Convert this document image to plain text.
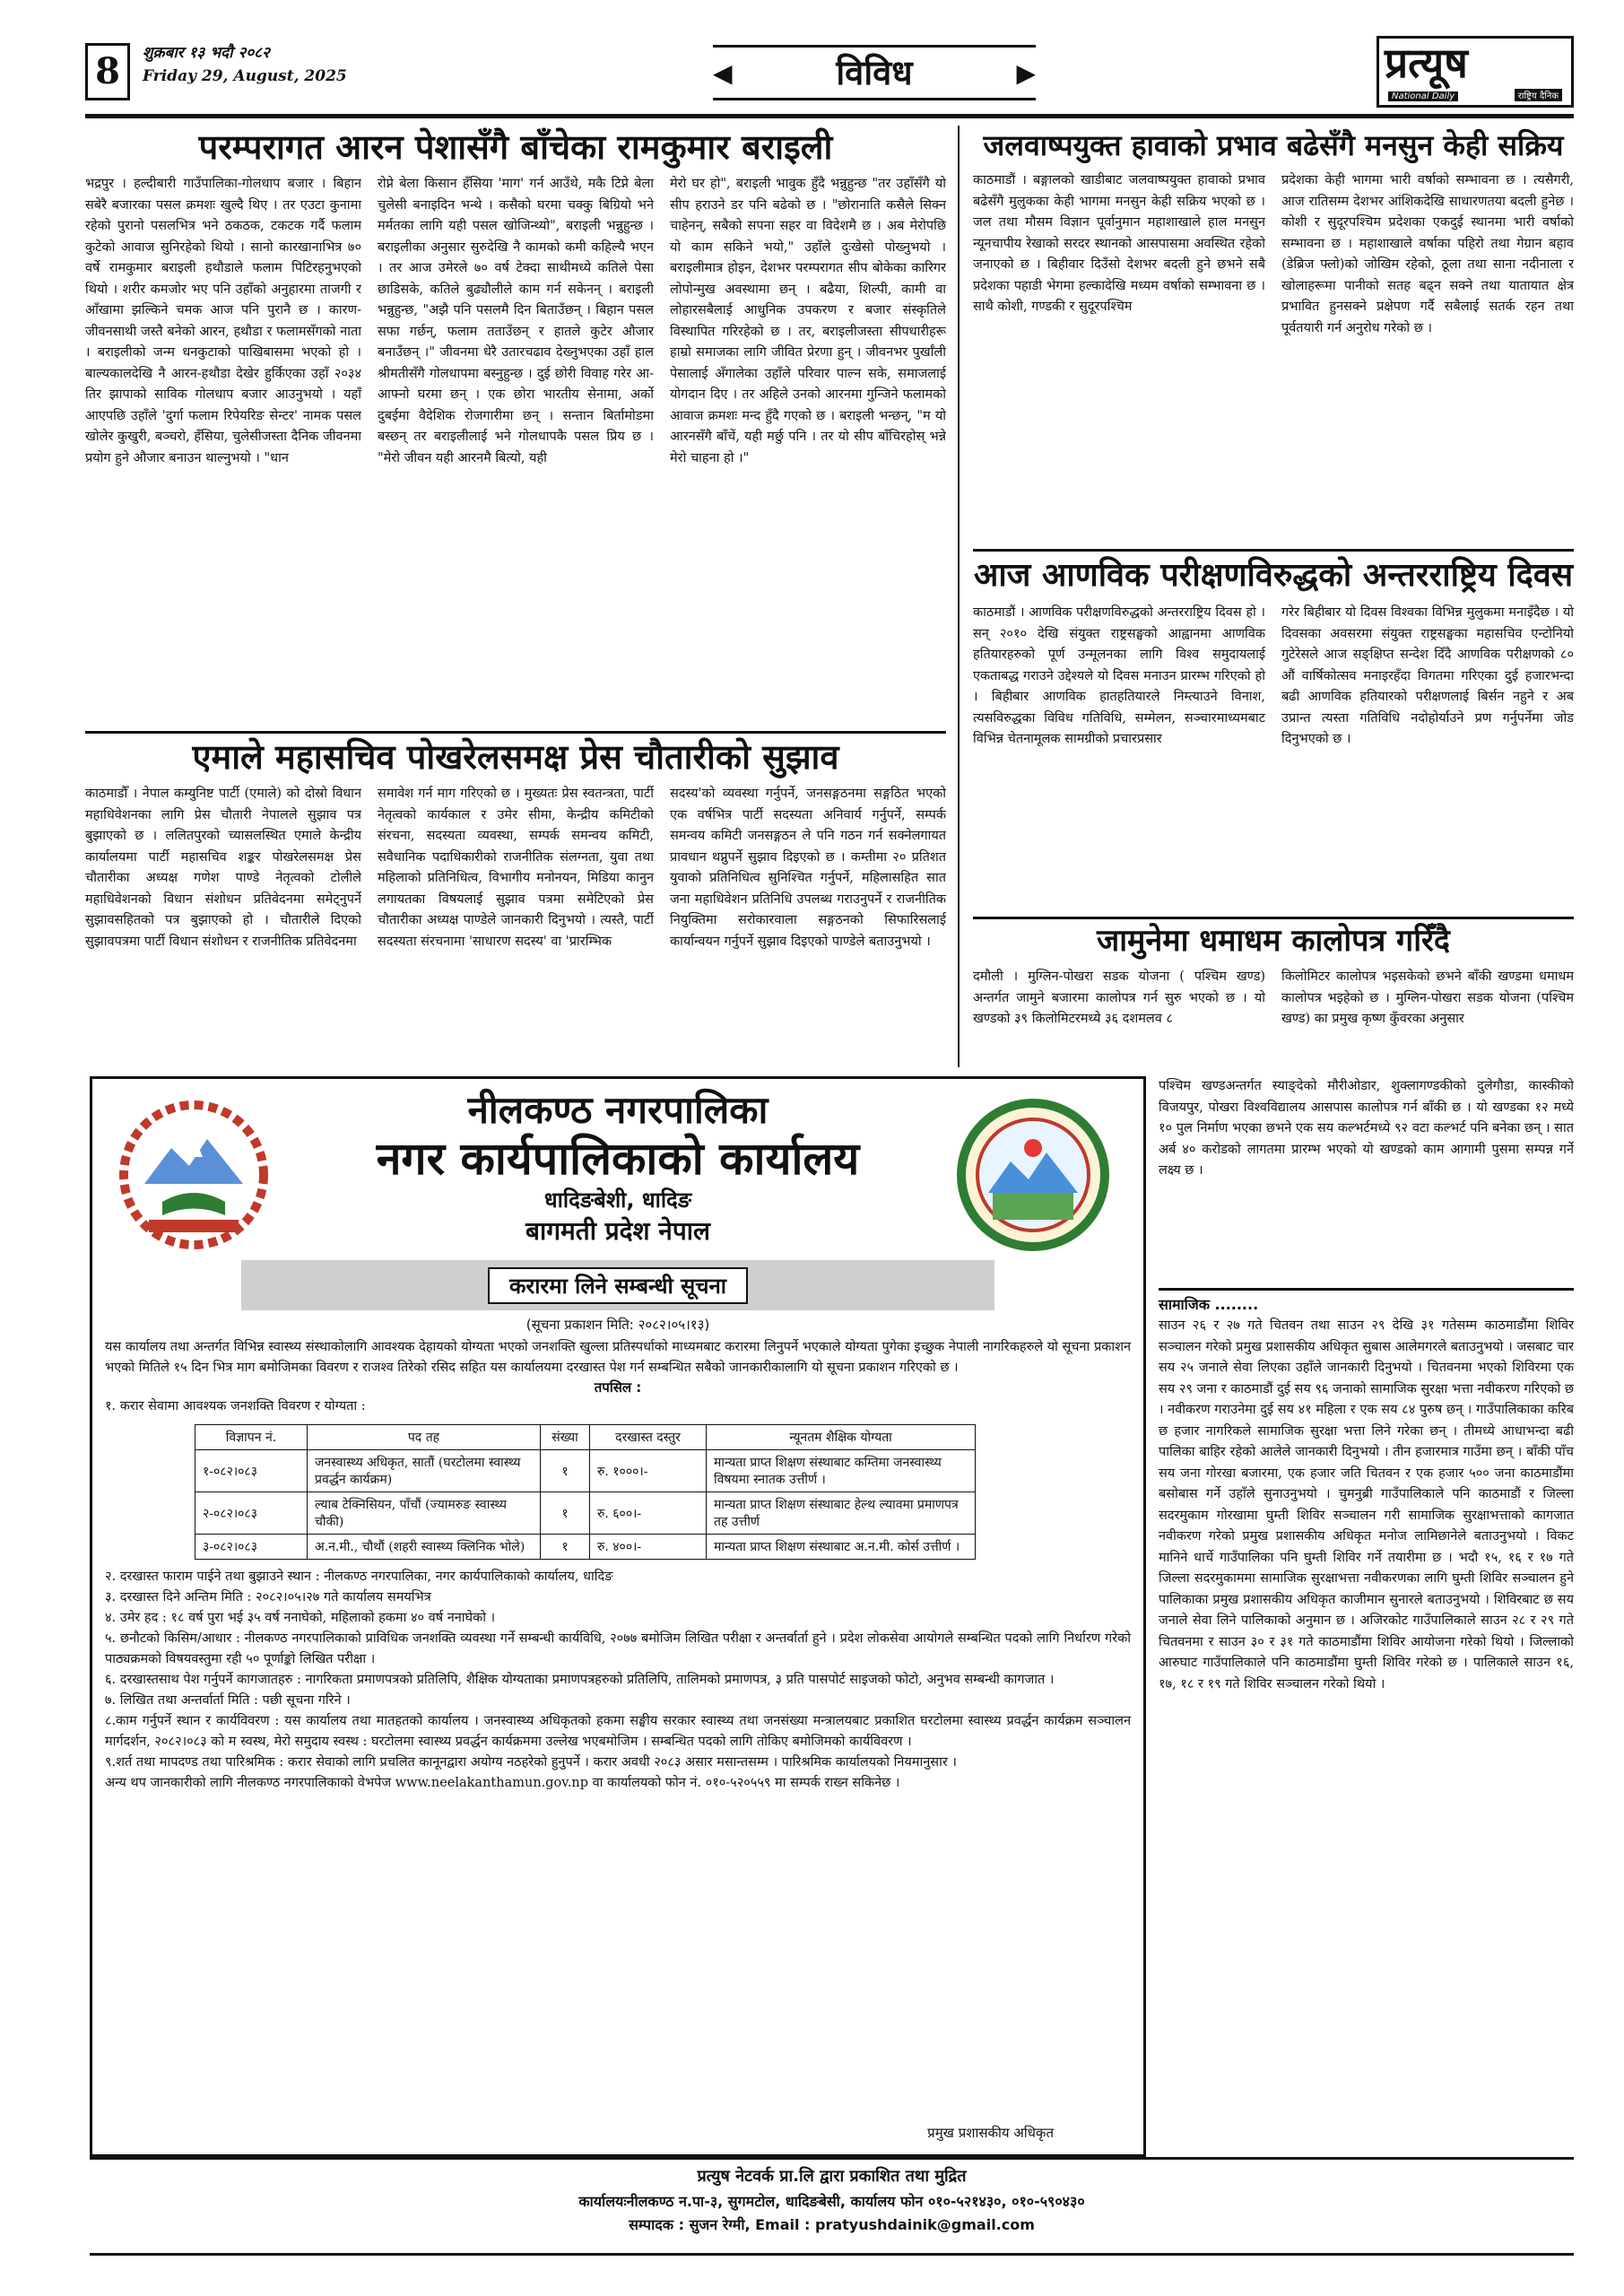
8	शुक्रबार १३ भदौ २०८२
Friday 29, August, 2025	◀	विविध	▶	प्रत्यूष
National Daily	राष्ट्रिय दैनिक
परम्परागत आरन पेशासँगै बाँचेका रामकुमार बराइली
भद्रपुर । हल्दीबारी गाउँपालिका-गोलधाप बजार । बिहान सबेरै बजारका पसल क्रमशः खुल्दै थिए । तर एउटा कुनामा रहेको पुरानो पसलभित्र भने ठकठक, टकटक गर्दै फलाम कुटेको आवाज सुनिरहेको थियो । सानो कारखानाभित्र ७० वर्षे रामकुमार बराइली हथौडाले फलाम पिटिरहनुभएको थियो । शरीर कमजोर भए पनि उहाँको अनुहारमा ताजगी र आँखामा झल्किने चमक आज पनि पुरानै छ । कारण- जीवनसाथी जस्तै बनेको आरन, हथौडा र फलामसँगको नाता । बराइलीको जन्म धनकुटाको पाखिबासमा भएको हो । बाल्यकालदेखि नै आरन-हथौडा देखेर हुर्किएका उहाँ २०३४ तिर झापाको साविक गोलधाप बजार आउनुभयो । यहाँ आएपछि उहाँले 'दुर्गा फलाम रिपेयरिङ सेन्टर' नामक पसल खोलेर कुखुरी, बञ्चरो, हँसिया, चुलेसीजस्ता दैनिक जीवनमा प्रयोग हुने औजार बनाउन थाल्नुभयो । "धान
रोप्ने बेला किसान हँसिया 'माग' गर्न आउँथे, मकै टिप्ने बेला चुलेसी बनाइदिन भन्थे । कसैको घरमा चक्कु बिग्रियो भने मर्मतका लागि यही पसल खोजिन्थ्यो", बराइली भन्नुहुन्छ । बराइलीका अनुसार सुरुदेखि नै कामको कमी कहिल्यै भएन । तर आज उमेरले ७० वर्ष टेक्दा साथीमध्ये कतिले पेसा छाडिसके, कतिले बुढ्यौलीले काम गर्न सकेनन् । बराइली भन्नुहुन्छ, "अझै पनि पसलमै दिन बिताउँछन् । बिहान पसल सफा गर्छन्, फलाम तताउँछन् र हातले कुटेर औजार बनाउँछन् ।" जीवनमा धेरै उतारचढाव देख्नुभएका उहाँ हाल श्रीमतीसँगै गोलधापमा बस्नुहुन्छ । दुई छोरी विवाह गरेर आ-आफ्नो घरमा छन् । एक छोरा भारतीय सेनामा, अर्को दुबईमा वैदेशिक रोजगारीमा छन् । सन्तान बिर्तामोडमा बस्छन् तर बराइलीलाई भने गोलधापकै पसल प्रिय छ । "मेरो जीवन यही आरनमै बित्यो, यही
मेरो घर हो", बराइली भावुक हुँदै भन्नुहुन्छ "तर उहाँसँगै यो सीप हराउने डर पनि बढेको छ । "छोरानाति कसैले सिक्न चाहेनन्, सबैको सपना सहर वा विदेशमै छ । अब मेरोपछि यो काम सकिने भयो," उहाँले दुःखेसो पोख्नुभयो । बराइलीमात्र होइन, देशभर परम्परागत सीप बोकेका कारिगर लोपोन्मुख अवस्थामा छन् । बढैया, शिल्पी, कामी वा लोहारसबैलाई आधुनिक उपकरण र बजार संस्कृतिले विस्थापित गरिरहेको छ । तर, बराइलीजस्ता सीपधारीहरू हाम्रो समाजका लागि जीवित प्रेरणा हुन् । जीवनभर पुर्खाँली पेसालाई अँगालेका उहाँले परिवार पाल्न सके, समाजलाई योगदान दिए । तर अहिले उनको आरनमा गुन्जिने फलामको आवाज क्रमशः मन्द हुँदै गएको छ । बराइली भन्छन्, "म यो आरनसँगै बाँचें, यही मर्छु पनि । तर यो सीप बाँचिरहोस् भन्ने मेरो चाहना हो ।"
एमाले महासचिव पोखरेलसमक्ष प्रेस चौतारीको सुझाव
काठमाडौँ । नेपाल कम्युनिष्ट पार्टी (एमाले) को दोस्रो विधान महाधिवेशनका लागि प्रेस चौतारी नेपालले सुझाव पत्र बुझाएको छ । ललितपुरको च्यासलस्थित एमाले केन्द्रीय कार्यालयमा पार्टी महासचिव शङ्कर पोखरेलसमक्ष प्रेस चौतारीका अध्यक्ष गणेश पाण्डे नेतृत्वको टोलीले महाधिवेशनको विधान संशोधन प्रतिवेदनमा समेट्नुपर्ने सुझावसहितको पत्र बुझाएको हो । चौतारीले दिएको सुझावपत्रमा पार्टी विधान संशोधन र राजनीतिक प्रतिवेदनमा
समावेश गर्न माग गरिएको छ । मुख्यतः प्रेस स्वतन्त्रता, पार्टी नेतृत्वको कार्यकाल र उमेर सीमा, केन्द्रीय कमिटीको संरचना, सदस्यता व्यवस्था, सम्पर्क समन्वय कमिटी, सवैधानिक पदाधिकारीको राजनीतिक संलग्नता, युवा तथा महिलाको प्रतिनिधित्व, विभागीय मनोनयन, मिडिया कानुन लगायतका विषयलाई सुझाव पत्रमा समेटिएको प्रेस चौतारीका अध्यक्ष पाण्डेले जानकारी दिनुभयो । त्यस्तै, पार्टी सदस्यता संरचनामा 'साधारण सदस्य' वा 'प्रारम्भिक
सदस्य'को व्यवस्था गर्नुपर्ने, जनसङ्गठनमा सङ्गठित भएको एक वर्षभित्र पार्टी सदस्यता अनिवार्य गर्नुपर्ने, सम्पर्क समन्वय कमिटी जनसङ्गठन ले पनि गठन गर्न सक्नेलगायत प्रावधान थप्नुपर्ने सुझाव दिइएको छ । कम्तीमा २० प्रतिशत युवाको प्रतिनिधित्व सुनिश्चित गर्नुपर्ने, महिलासहित सात जना महाधिवेशन प्रतिनिधि उपलब्ध गराउनुपर्ने र राजनीतिक नियुक्तिमा सरोकारवाला सङ्गठनको सिफारिसलाई कार्यान्वयन गर्नुपर्ने सुझाव दिइएको पाण्डेले बताउनुभयो ।
जलवाष्पयुक्त हावाको प्रभाव बढेसँगै मनसुन केही सक्रिय
काठमाडौं । बङ्गालको खाडीबाट जलवाष्पयुक्त हावाको प्रभाव बढेसँगै मुलुकका केही भागमा मनसुन केही सक्रिय भएको छ । जल तथा मौसम विज्ञान पूर्वानुमान महाशाखाले हाल मनसुन न्यूनचापीय रेखाको सरदर स्थानको आसपासमा अवस्थित रहेको जनाएको छ । बिहीवार दिउँसो देशभर बदली हुने छभने सबै प्रदेशका पहाडी भेगमा हल्कादेखि मध्यम वर्षाको सम्भावना छ । साथै कोशी, गण्डकी र सुदूरपश्चिम
प्रदेशका केही भागमा भारी वर्षाको सम्भावना छ । त्यसैगरी, आज रातिसम्म देशभर आंशिकदेखि साधारणतया बदली हुनेछ । कोशी र सुदूरपश्चिम प्रदेशका एकदुई स्थानमा भारी वर्षाको सम्भावना छ । महाशाखाले वर्षाका पहिरो तथा गेग्रान बहाव (डेब्रिज फ्लो)को जोखिम रहेको, ठूला तथा साना नदीनाला र खोलाहरूमा पानीको सतह बढ्न सक्ने तथा यातायात क्षेत्र प्रभावित हुनसक्ने प्रक्षेपण गर्दै सबैलाई सतर्क रहन तथा पूर्वतयारी गर्न अनुरोध गरेको छ ।
आज आणविक परीक्षणविरुद्धको अन्तरराष्ट्रिय दिवस
काठमाडौं । आणविक परीक्षणविरुद्धको अन्तरराष्ट्रिय दिवस हो । सन् २०१० देखि संयुक्त राष्ट्रसङ्घको आह्वानमा आणविक हतियारहरुको पूर्ण उन्मूलनका लागि विश्व समुदायलाई एकताबद्ध गराउने उद्देश्यले यो दिवस मनाउन प्रारम्भ गरिएको हो । बिहीबार आणविक हातहतियारले निम्त्याउने विनाश, त्यसविरुद्धका विविध गतिविधि, सम्मेलन, सञ्चारमाध्यमबाट विभिन्न चेतनामूलक सामग्रीको प्रचारप्रसार
गरेर बिहीबार यो दिवस विश्वका विभिन्न मुलुकमा मनाइँदैछ । यो दिवसका अवसरमा संयुक्त राष्ट्रसङ्घका महासचिव एन्टोनियो गुटेरेसले आज सङ्क्षिप्त सन्देश दिँदै आणविक परीक्षणको ८० औं वार्षिकोत्सव मनाइरहँदा विगतमा गरिएका दुई हजारभन्दा बढी आणविक हतियारको परीक्षणलाई बिर्सन नहुने र अब उप्रान्त त्यस्ता गतिविधि नदोहोर्याउने प्रण गर्नुपर्नेमा जोड दिनुभएको छ ।
जामुनेमा धमाधम कालोपत्र गरिँदै
दमौली । मुग्लिन-पोखरा सडक योजना ( पश्चिम खण्ड) अन्तर्गत जामुने बजारमा कालोपत्र गर्न सुरु भएको छ । यो खण्डको ३९ किलोमिटरमध्ये ३६ दशमलव ८
किलोमिटर कालोपत्र भइसकेको छभने बाँकी खण्डमा धमाधम कालोपत्र भइहेको छ । मुग्लिन-पोखरा सडक योजना (पश्चिम खण्ड) का प्रमुख कृष्ण कुँवरका अनुसार
पश्चिम खण्डअन्तर्गत स्याङ्देको मौरीओडार, शुक्लागण्डकीको दुलेगौडा, कास्कीको विजयपुर, पोखरा विश्वविद्यालय आसपास कालोपत्र गर्न बाँकी छ । यो खण्डका १२ मध्ये १० पुल निर्माण भएका छभने एक सय कल्भर्टमध्ये ९२ वटा कल्भर्ट पनि बनेका छन् । सात अर्ब ४० करोडको लागतमा प्रारम्भ भएको यो खण्डको काम आगामी पुसमा सम्पन्न गर्ने लक्ष्य छ ।
सामाजिक ........
साउन २६ र २७ गते चितवन तथा साउन २९ देखि ३१ गतेसम्म काठमाडौंमा शिविर सञ्चालन गरेको प्रमुख प्रशासकीय अधिकृत सुबास आलेमगरले बताउनुभयो । जसबाट चार सय २५ जनाले सेवा लिएका उहाँले जानकारी दिनुभयो । चितवनमा भएको शिविरमा एक सय २९ जना र काठमाडौं दुई सय ९६ जनाको सामाजिक सुरक्षा भत्ता नवीकरण गरिएको छ । नवीकरण गराउनेमा दुई सय ४१ महिला र एक सय ८४ पुरुष छन् । गाउँपालिकाका करिब छ हजार नागरिकले सामाजिक सुरक्षा भत्ता लिने गरेका छन् । तीमध्ये आधाभन्दा बढी पालिका बाहिर रहेको आलेले जानकारी दिनुभयो । तीन हजारमात्र गाउँमा छन् । बाँकी पाँच सय जना गोरखा बजारमा, एक हजार जति चितवन र एक हजार ५०० जना काठमाडौंमा बसोबास गर्ने उहाँले सुनाउनुभयो । चुमनुब्री गाउँपालिकाले पनि काठमाडौं र जिल्ला सदरमुकाम गोरखामा घुम्ती शिविर सञ्चालन गरी सामाजिक सुरक्षाभत्ताको कागजात नवीकरण गरेको प्रमुख प्रशासकीय अधिकृत मनोज लामिछानेले बताउनुभयो । विकट मानिने धार्चे गाउँपालिका पनि घुम्ती शिविर गर्ने तयारीमा छ । भदौ १५, १६ र १७ गते जिल्ला सदरमुकाममा सामाजिक सुरक्षाभत्ता नवीकरणका लागि घुम्ती शिविर सञ्चालन हुने पालिकाका प्रमुख प्रशासकीय अधिकृत काजीमान सुनारले बताउनुभयो । शिविरबाट छ सय जनाले सेवा लिने पालिकाको अनुमान छ । अजिरकोट गाउँपालिकाले साउन २८ र २९ गते चितवनमा र साउन ३० र ३१ गते काठमाडौंमा शिविर आयोजना गरेको थियो । जिल्लाको आरुघाट गाउँपालिकाले पनि काठमाडौंमा घुम्ती शिविर गरेको छ । पालिकाले साउन १६, १७, १८ र १९ गते शिविर सञ्चालन गरेको थियो ।
नीलकण्ठ नगरपालिका
नगर कार्यपालिकाको कार्यालय
धादिङबेशी, धादिङ
बागमती प्रदेश नेपाल
करारमा लिने सम्बन्धी सूचना
(सूचना प्रकाशन मिति: २०८२।०५।१३)
यस कार्यालय तथा अन्तर्गत विभिन्न स्वास्थ्य संस्थाकोलागि आवश्यक देहायको योग्यता भएको जनशक्ति खुल्ला प्रतिस्पर्धाको माध्यमबाट करारमा लिनुपर्ने भएकाले योग्यता पुगेका इच्छुक नेपाली नागरिकहरुले यो सूचना प्रकाशन भएको मितिले १५ दिन भित्र माग बमोजिमका विवरण र राजश्व तिरेको रसिद सहित यस कार्यालयमा दरखास्त पेश गर्न सम्बन्धित सबैको जानकारीकालागि यो सूचना प्रकाशन गरिएको छ ।
तपसिल :
१. करार सेवामा आवश्यक जनशक्ति विवरण र योग्यता :
विज्ञापन नं.	पद तह	संख्या	दरखास्त दस्तुर	न्यूनतम शैक्षिक योग्यता
१-०८२।०८३	जनस्वास्थ्य अधिकृत, सातौं (घरटोलमा स्वास्थ्य प्रवर्द्धन कार्यक्रम)	१	रु. १०००।-	मान्यता प्राप्त शिक्षण संस्थाबाट कम्तिमा जनस्वास्थ्य विषयमा स्नातक उत्तीर्ण ।
२-०८२।०८३	ल्याब टेक्निसियन, पाँचौं (ज्यामरुङ स्वास्थ्य चौकी)	१	रु. ६००।-	मान्यता प्राप्त शिक्षण संस्थाबाट हेल्थ ल्यावमा प्रमाणपत्र तह उत्तीर्ण
३-०८२।०८३	अ.न.मी., चौथौं (शहरी स्वास्थ्य क्लिनिक भोले)	१	रु. ४००।-	मान्यता प्राप्त शिक्षण संस्थाबाट अ.न.मी. कोर्स उत्तीर्ण ।
२. दरखास्त फाराम पाईने तथा बुझाउने स्थान : नीलकण्ठ नगरपालिका, नगर कार्यपालिकाको कार्यालय, धादिङ
३. दरखास्त दिने अन्तिम मिति : २०८२।०५।२७ गते कार्यालय समयभित्र
४. उमेर हद : १८ वर्ष पुरा भई ३५ वर्ष ननाघेको, महिलाको हकमा ४० वर्ष ननाघेको ।
५. छनौटको किसिम/आधार : नीलकण्ठ नगरपालिकाको प्राविधिक जनशक्ति व्यवस्था गर्ने सम्बन्धी कार्यविधि, २०७७ बमोजिम लिखित परीक्षा र अन्तर्वार्ता हुने । प्रदेश लोकसेवा आयोगले सम्बन्धित पदको लागि निर्धारण गरेको पाठ्यक्रमको विषयवस्तुमा रही ५० पूर्णाङ्को लिखित परीक्षा ।
६. दरखास्तसाथ पेश गर्नुपर्ने कागजातहरु : नागरिकता प्रमाणपत्रको प्रतिलिपि, शैक्षिक योग्यताका प्रमाणपत्रहरुको प्रतिलिपि, तालिमको प्रमाणपत्र, ३ प्रति पासपोर्ट साइजको फोटो, अनुभव सम्बन्धी कागजात ।
७. लिखित तथा अन्तर्वार्ता मिति : पछी सूचना गरिने ।
८.काम गर्नुपर्ने स्थान र कार्यविवरण : यस कार्यालय तथा मातहतको कार्यालय । जनस्वास्थ्य अधिकृतको हकमा सङ्घीय सरकार स्वास्थ्य तथा जनसंख्या मन्त्रालयबाट प्रकाशित घरटोलमा स्वास्थ्य प्रवर्द्धन कार्यक्रम सञ्चालन मार्गदर्शन, २०८२।०८३ को म स्वस्थ, मेरो समुदाय स्वस्थ : घरटोलमा स्वास्थ्य प्रवर्द्धन कार्यक्रममा उल्लेख भएबमोजिम । सम्बन्धित पदको लागि तोकिए बमोजिमको कार्यविवरण ।
९.शर्त तथा मापदण्ड तथा पारिश्रमिक : करार सेवाको लागि प्रचलित कानूनद्वारा अयोग्य नठहरेको हुनुपर्ने । करार अवधी २०८३ असार मसान्तसम्म । पारिश्रमिक कार्यालयको नियमानुसार ।
अन्य थप जानकारीको लागि नीलकण्ठ नगरपालिकाको वेभपेज www.neelakanthamun.gov.np वा कार्यालयको फोन नं. ०१०-५२०५५९ मा सम्पर्क राख्न सकिनेछ ।
प्रमुख प्रशासकीय अधिकृत
प्रत्युष नेटवर्क प्रा.लि द्वारा प्रकाशित तथा मुद्रित
कार्यालयःनीलकण्ठ न.पा-३, सुगमटोल, धादिङबेसी, कार्यालय फोन ०१०-५२१४३०, ०१०-५९०४३०
सम्पादक : सुजन रेग्मी, Email : pratyushdainik@gmail.com
